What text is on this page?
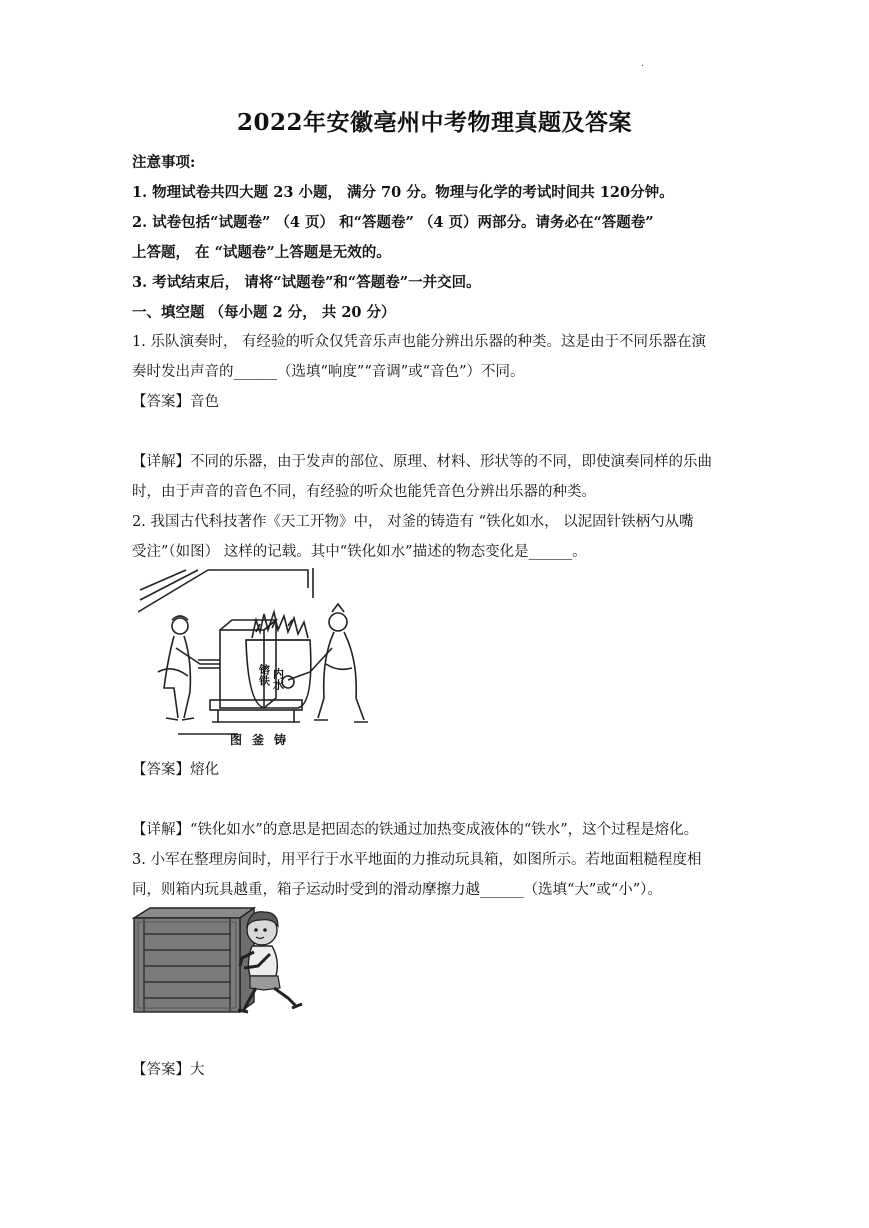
.
2022年安徽亳州中考物理真题及答案
注意事项:
1. 物理试卷共四大题 23 小题， 满分 70 分。物理与化学的考试时间共 120分钟。
2. 试卷包括“试题卷” （4 页） 和“答题卷” （4 页）两部分。请务必在“答题卷”
上答题， 在 “试题卷”上答题是无效的。
3. 考试结束后， 请将“试题卷”和“答题卷”一并交回。
一、填空题 （每小题 2 分， 共 20 分）
1. 乐队演奏时， 有经验的听众仅凭音乐声也能分辨出乐器的种类。这是由于不同乐器在演
奏时发出声音的______（选填“响度”“音调”或“音色”）不同。
【答案】音色
【详解】不同的乐器，由于发声的部位、原理、材料、形状等的不同，即使演奏同样的乐曲
时，由于声音的音色不同，有经验的听众也能凭音色分辨出乐器的种类。
2. 我国古代科技著作《天工开物》中， 对釜的铸造有 “铁化如水， 以泥固针铁柄勺从嘴
受注”（如图） 这样的记载。其中“铁化如水”描述的物态变化是______。
镕铁 内水
图釜铸
【答案】熔化
【详解】“铁化如水”的意思是把固态的铁通过加热变成液体的“铁水”，这个过程是熔化。
3. 小军在整理房间时，用平行于水平地面的力推动玩具箱，如图所示。若地面粗糙程度相
同，则箱内玩具越重，箱子运动时受到的滑动摩擦力越______（选填“大”或“小”）。
【答案】大
